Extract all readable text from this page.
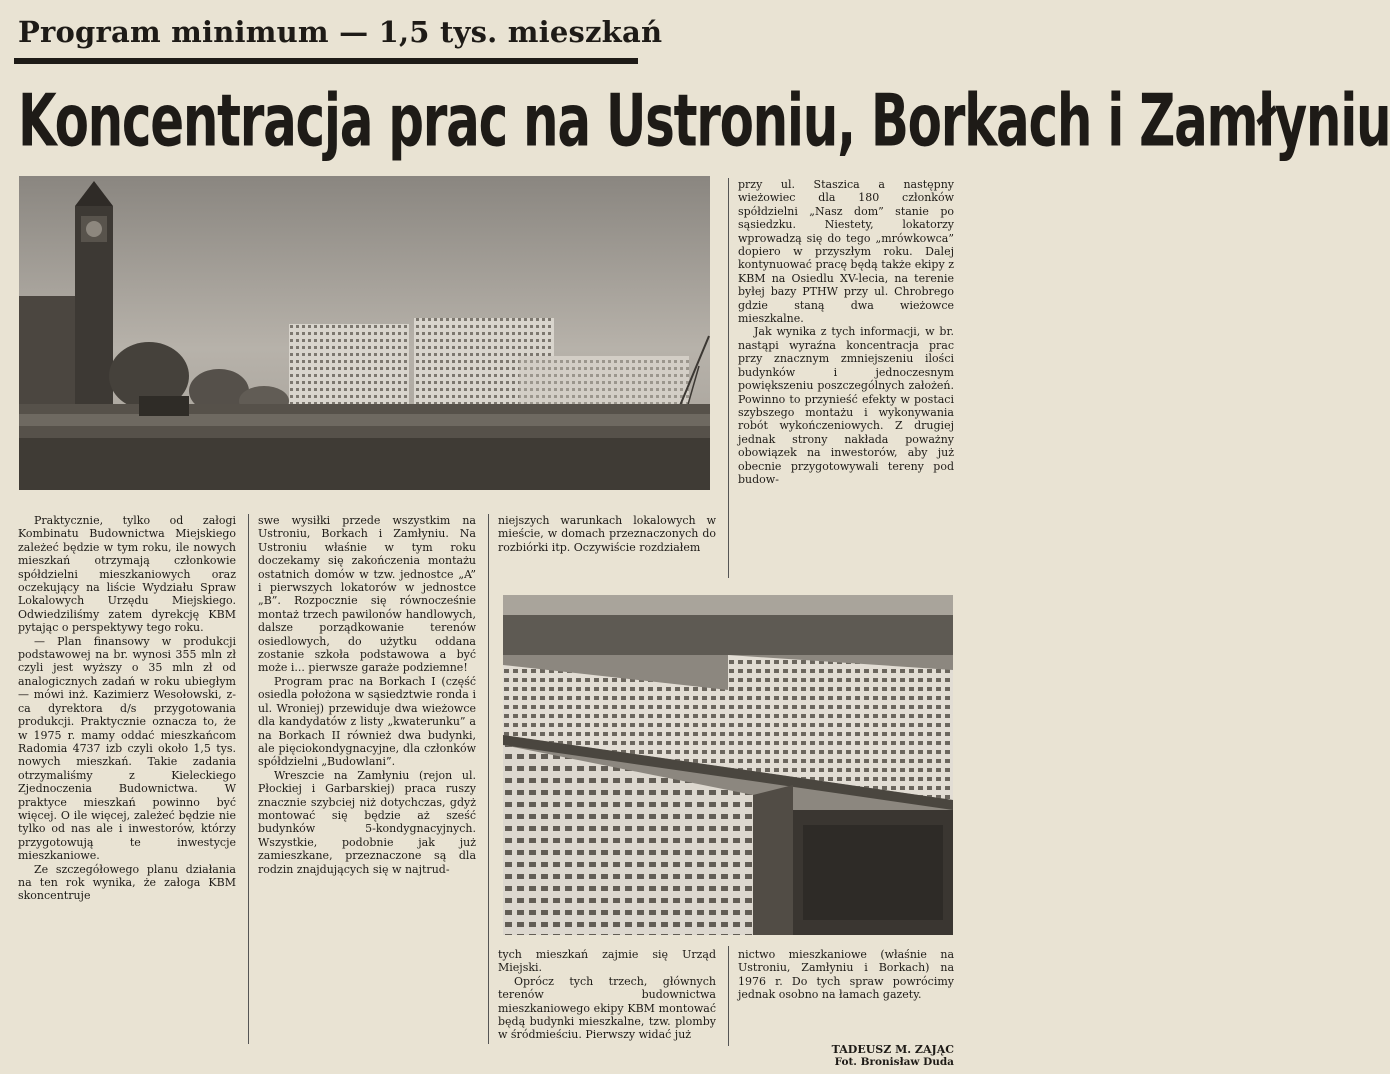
Program minimum — 1,5 tys. mieszkań
Koncentracja prac na Ustroniu, Borkach i Zamłyniu

przy ul. Staszica a następny wieżowiec dla 180 członków spółdzielni „Nasz dom” stanie po sąsiedzku. Niestety, lokatorzy wprowadzą się do tego „mrówkowca” dopiero w przyszłym roku. Dalej kontynuować pracę będą także ekipy z KBM na Osiedlu XV-lecia, na terenie byłej bazy PTHW przy ul. Chrobrego gdzie staną dwa wieżowce mieszkalne.

Jak wynika z tych informacji, w br. nastąpi wyraźna koncentracja prac przy znacznym zmniejszeniu ilości budynków i jednoczesnym powiększeniu poszczególnych założeń. Powinno to przynieść efekty w postaci szybszego montażu i wykonywania robót wykończeniowych. Z drugiej jednak strony nakłada poważny obowiązek na inwestorów, aby już obecnie przygotowywali tereny pod budow-

Praktycznie, tylko od załogi Kombinatu Budownictwa Miejskiego zależeć będzie w tym roku, ile nowych mieszkań otrzymają członkowie spółdzielni mieszkaniowych oraz oczekujący na liście Wydziału Spraw Lokalowych Urzędu Miejskiego. Odwiedziliśmy zatem dyrekcję KBM pytając o perspektywy tego roku.

— Plan finansowy w produkcji podstawowej na br. wynosi 355 mln zł czyli jest wyższy o 35 mln zł od analogicznych zadań w roku ubiegłym — mówi inż. Kazimierz Wesołowski, z-ca dyrektora d/s przygotowania produkcji. Praktycznie oznacza to, że w 1975 r. mamy oddać mieszkańcom Radomia 4737 izb czyli około 1,5 tys. nowych mieszkań. Takie zadania otrzymaliśmy z Kieleckiego Zjednoczenia Budownictwa. W praktyce mieszkań powinno być więcej. O ile więcej, zależeć będzie nie tylko od nas ale i inwestorów, którzy przygotowują te inwestycje mieszkaniowe.

Ze szczegółowego planu działania na ten rok wynika, że załoga KBM skoncentruje

swe wysiłki przede wszystkim na Ustroniu, Borkach i Zamłyniu. Na Ustroniu właśnie w tym roku doczekamy się zakończenia montażu ostatnich domów w tzw. jednostce „A” i pierwszych lokatorów w jednostce „B”. Rozpocznie się równocześnie montaż trzech pawilonów handlowych, dalsze porządkowanie terenów osiedlowych, do użytku oddana zostanie szkoła podstawowa a być może i... pierwsze garaże podziemne!

Program prac na Borkach I (część osiedla położona w sąsiedztwie ronda i ul. Wroniej) przewiduje dwa wieżowce dla kandydatów z listy „kwaterunku” a na Borkach II również dwa budynki, ale pięciokondygnacyjne, dla członków spółdzielni „Budowlani”.

Wreszcie na Zamłyniu (rejon ul. Płockiej i Garbarskiej) praca ruszy znacznie szybciej niż dotychczas, gdyż montować się będzie aż sześć budynków 5-kondygnacyjnych. Wszystkie, podobnie jak już zamieszkane, przeznaczone są dla rodzin znajdujących się w najtrud-

niejszych warunkach lokalowych w mieście, w domach przeznaczonych do rozbiórki itp. Oczywiście rozdziałem

tych mieszkań zajmie się Urząd Miejski.

Oprócz tych trzech, głównych terenów budownictwa mieszkaniowego ekipy KBM montować będą budynki mieszkalne, tzw. plomby w śródmieściu. Pierwszy widać już

nictwo mieszkaniowe (właśnie na Ustroniu, Zamłyniu i Borkach) na 1976 r. Do tych spraw powrócimy jednak osobno na łamach gazety.

TADEUSZ M. ZAJĄC
Fot. Bronisław Duda
